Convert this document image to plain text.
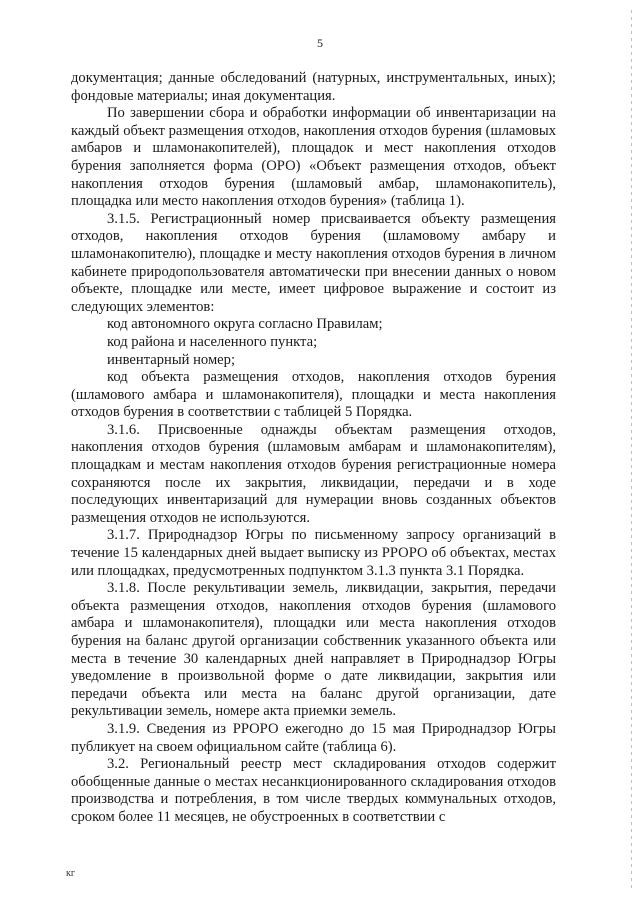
5

документация; данные обследований (натурных, инструментальных, иных); фондовые материалы; иная документация.

По завершении сбора и обработки информации об инвентаризации на каждый объект размещения отходов, накопления отходов бурения (шламовых амбаров и шламонакопителей), площадок и мест накопления отходов бурения заполняется форма (ОРО) «Объект размещения отходов, объект накопления отходов бурения (шламовый амбар, шламонакопитель), площадка или место накопления отходов бурения» (таблица 1).

3.1.5. Регистрационный номер присваивается объекту размещения отходов, накопления отходов бурения (шламовому амбару и шламонакопителю), площадке и месту накопления отходов бурения в личном кабинете природопользователя автоматически при внесении данных о новом объекте, площадке или месте, имеет цифровое выражение и состоит из следующих элементов:

код автономного округа согласно Правилам;

код района и населенного пункта;

инвентарный номер;

код объекта размещения отходов, накопления отходов бурения (шламового амбара и шламонакопителя), площадки и места накопления отходов бурения в соответствии с таблицей 5 Порядка.

3.1.6. Присвоенные однажды объектам размещения отходов, накопления отходов бурения (шламовым амбарам и шламонакопителям), площадкам и местам накопления отходов бурения регистрационные номера сохраняются после их закрытия, ликвидации, передачи и в ходе последующих инвентаризаций для нумерации вновь созданных объектов размещения отходов не используются.

3.1.7. Природнадзор Югры по письменному запросу организаций в течение 15 календарных дней выдает выписку из РРОРО об объектах, местах или площадках, предусмотренных подпунктом 3.1.3 пункта 3.1 Порядка.

3.1.8. После рекультивации земель, ликвидации, закрытия, передачи объекта размещения отходов, накопления отходов бурения (шламового амбара и шламонакопителя), площадки или места накопления отходов бурения на баланс другой организации собственник указанного объекта или места в течение 30 календарных дней направляет в Природнадзор Югры уведомление в произвольной форме о дате ликвидации, закрытия или передачи объекта или места на баланс другой организации, дате рекультивации земель, номере акта приемки земель.

3.1.9. Сведения из РРОРО ежегодно до 15 мая Природнадзор Югры публикует на своем официальном сайте (таблица 6).

3.2. Региональный реестр мест складирования отходов содержит обобщенные данные о местах несанкционированного складирования отходов производства и потребления, в том числе твердых коммунальных отходов, сроком более 11 месяцев, не обустроенных в соответствии с

кг
